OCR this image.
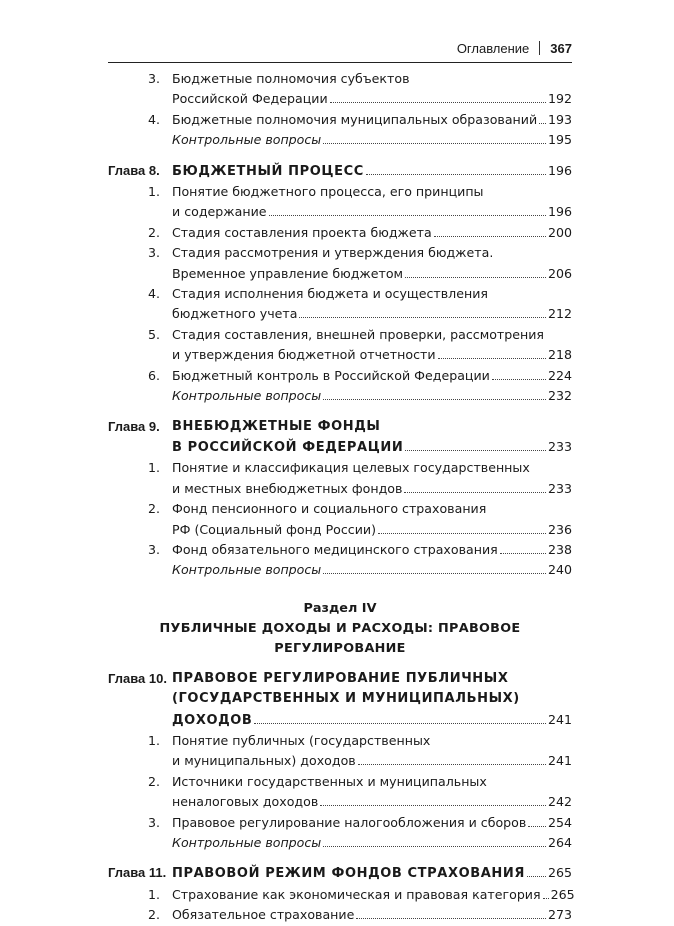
Оглавление 367
3. Бюджетные полномочия субъектов
Российской Федерации	192
4. Бюджетные полномочия муниципальных образований 193
Контрольные вопросы	195
Глава 8. БЮДЖЕТНЫЙ ПРОЦЕСС	196
1. Понятие бюджетного процесса, его принципы
и содержание	196
2. Стадия составления проекта бюджета	200
3. Стадия рассмотрения и утверждения бюджета.
Временное управление бюджетом	206
4. Стадия исполнения бюджета и осуществления
бюджетного учета	212
5. Стадия составления, внешней проверки, рассмотрения
и утверждения бюджетной отчетности	218
6. Бюджетный контроль в Российской Федерации	224
Контрольные вопросы	232
Глава 9. ВНЕБЮДЖЕТНЫЕ ФОНДЫ
В РОССИЙСКОЙ ФЕДЕРАЦИИ	233
1. Понятие и классификация целевых государственных
и местных внебюджетных фондов	233
2. Фонд пенсионного и социального страхования
РФ (Социальный фонд России)	236
3. Фонд обязательного медицинского страхования	238
Контрольные вопросы	240
Раздел IV
ПУБЛИЧНЫЕ ДОХОДЫ И РАСХОДЫ: ПРАВОВОЕ РЕГУЛИРОВАНИЕ
Глава 10. ПРАВОВОЕ РЕГУЛИРОВАНИЕ ПУБЛИЧНЫХ
(ГОСУДАРСТВЕННЫХ И МУНИЦИПАЛЬНЫХ)
ДОХОДОВ	241
1. Понятие публичных (государственных
и муниципальных) доходов	241
2. Источники государственных и муниципальных
неналоговых доходов	242
3. Правовое регулирование налогообложения и сборов 254
Контрольные вопросы	264
Глава 11. ПРАВОВОЙ РЕЖИМ ФОНДОВ СТРАХОВАНИЯ 265
1. Страхование как экономическая и правовая категория 265
2. Обязательное страхование	273
